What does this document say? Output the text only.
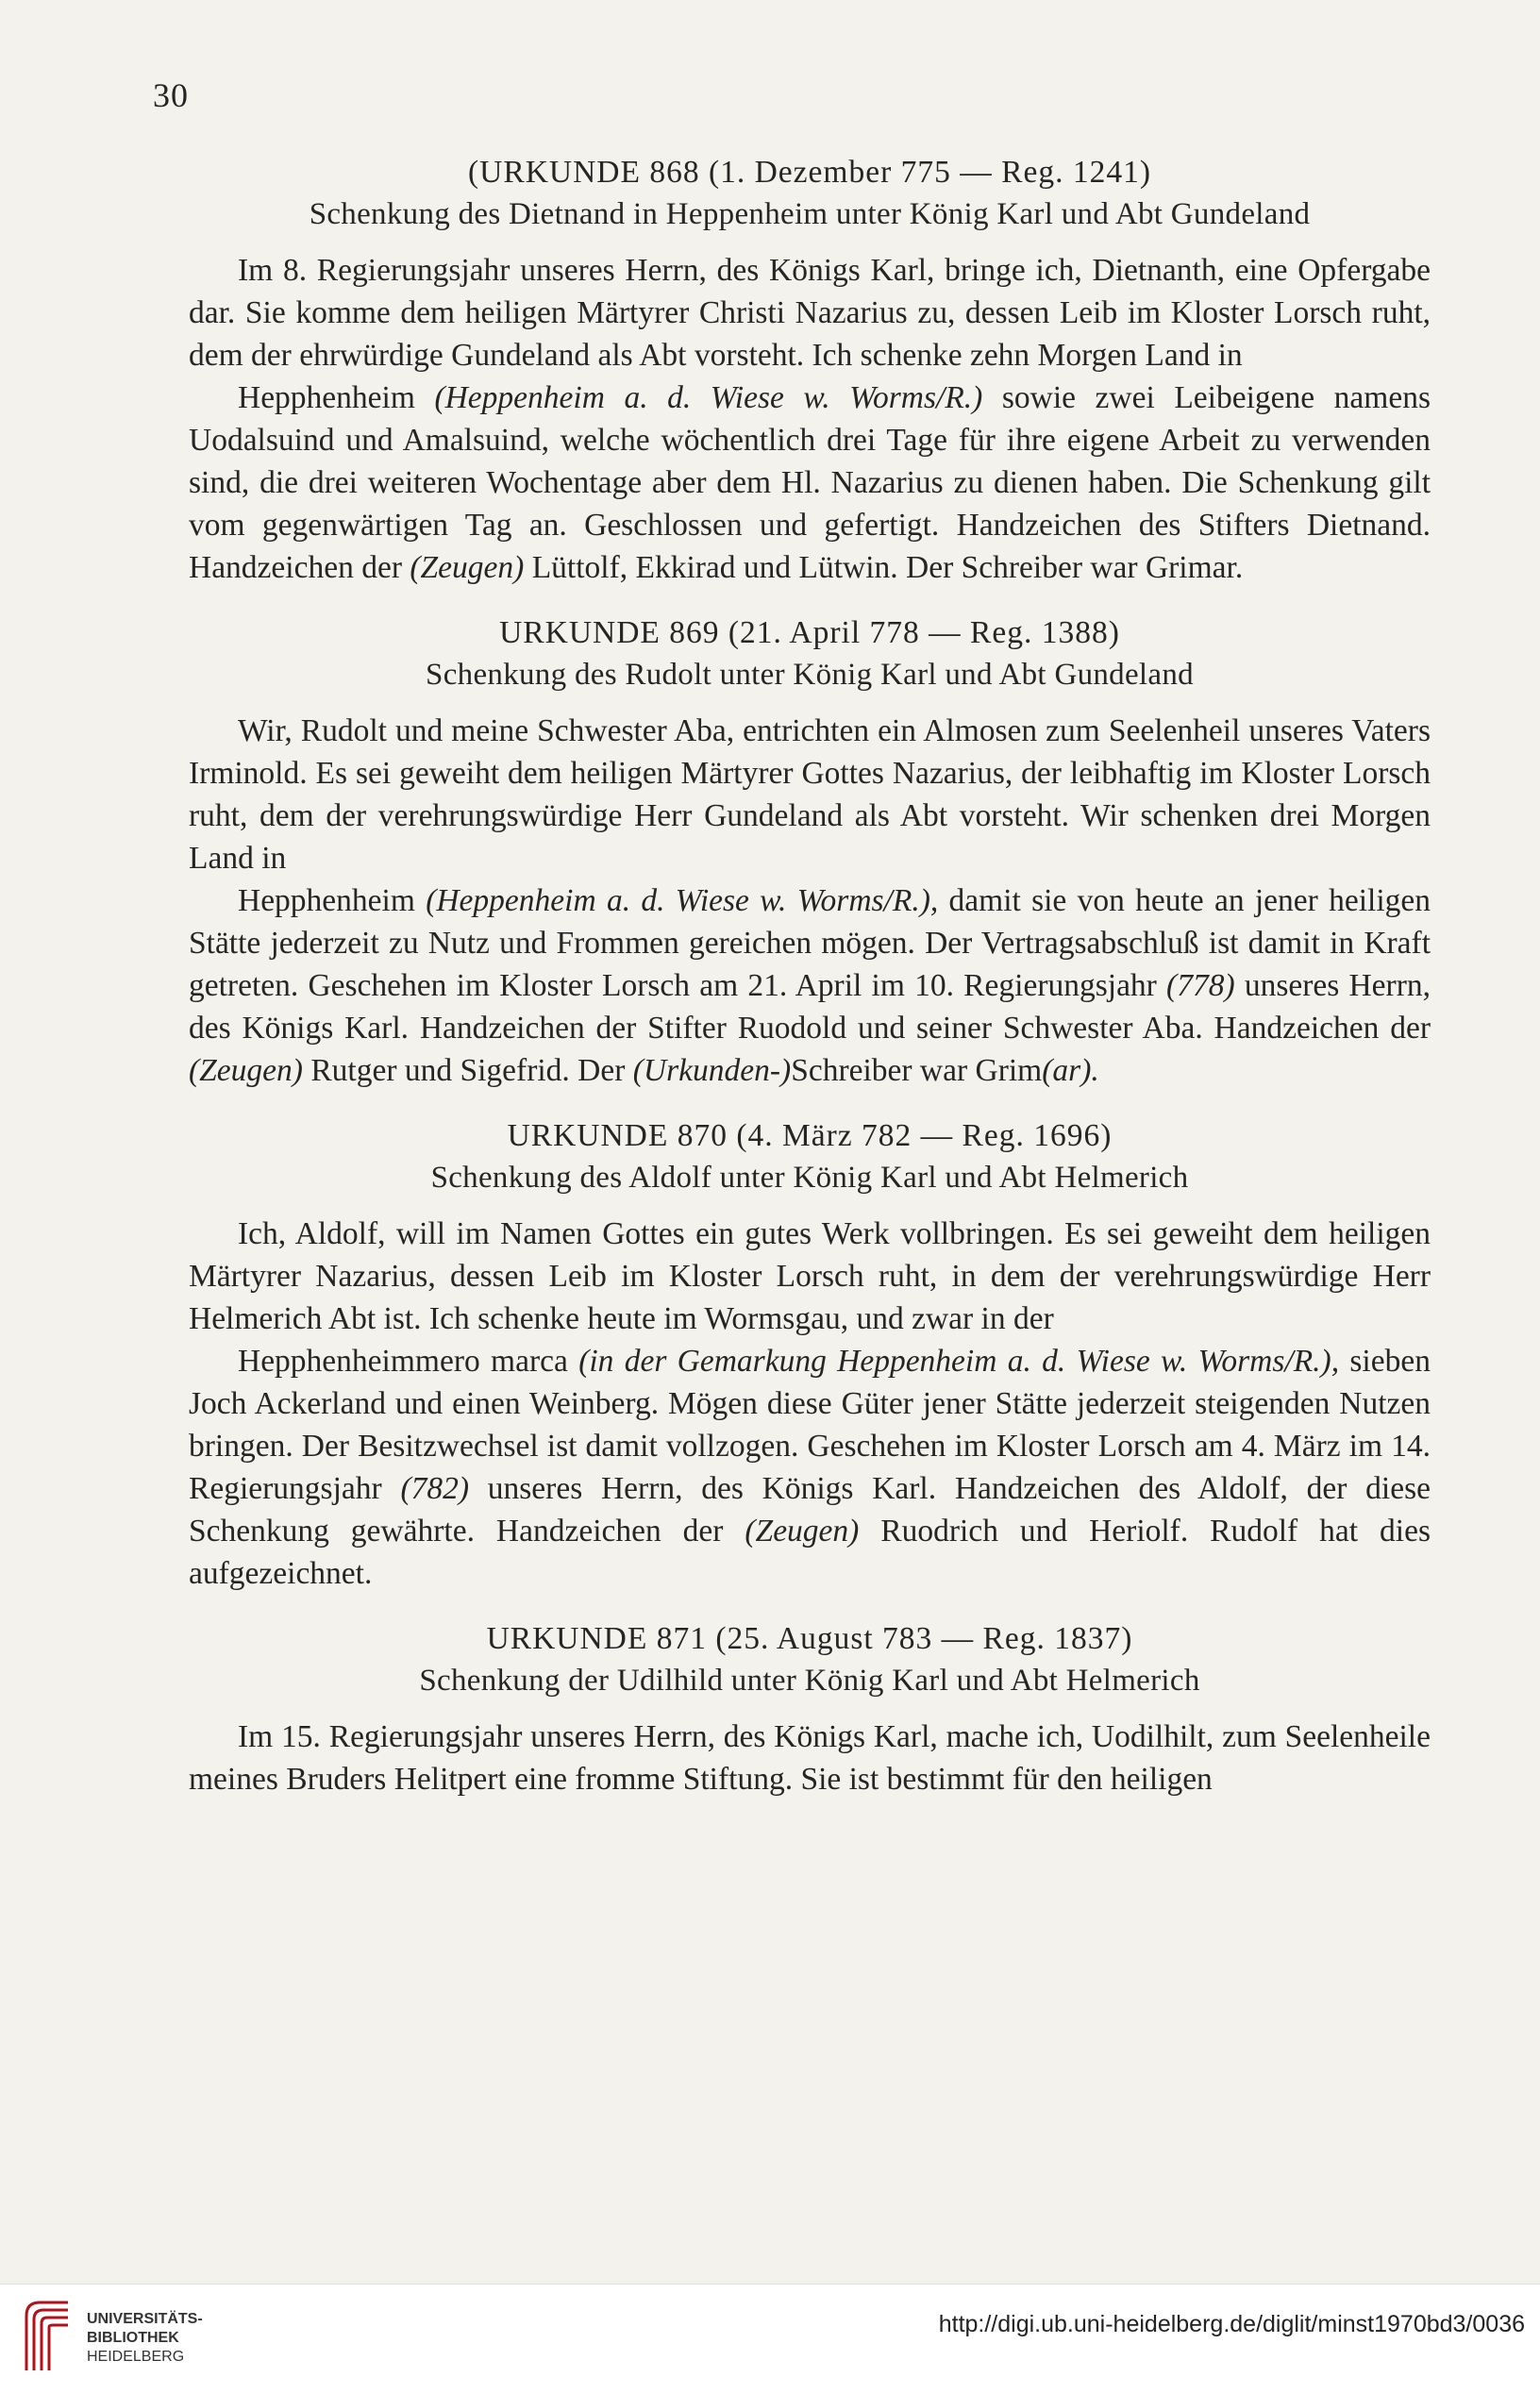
30

(URKUNDE 868 (1. Dezember 775 — Reg. 1241)

Schenkung des Dietnand in Heppenheim unter König Karl und Abt Gundeland

Im 8. Regierungsjahr unseres Herrn, des Königs Karl, bringe ich, Dietnanth, eine Opfergabe dar. Sie komme dem heiligen Märtyrer Christi Nazarius zu, dessen Leib im Kloster Lorsch ruht, dem der ehrwürdige Gundeland als Abt vorsteht. Ich schenke zehn Morgen Land in

Hepphenheim (Heppenheim a. d. Wiese w. Worms/R.) sowie zwei Leibeigene namens Uodalsuind und Amalsuind, welche wöchentlich drei Tage für ihre eigene Arbeit zu verwenden sind, die drei weiteren Wochentage aber dem Hl. Nazarius zu dienen haben. Die Schenkung gilt vom gegenwärtigen Tag an. Geschlossen und gefertigt. Handzeichen des Stifters Dietnand. Handzeichen der (Zeugen) Lüttolf, Ekkirad und Lütwin. Der Schreiber war Grimar.

URKUNDE 869 (21. April 778 — Reg. 1388)

Schenkung des Rudolt unter König Karl und Abt Gundeland

Wir, Rudolt und meine Schwester Aba, entrichten ein Almosen zum Seelenheil unseres Vaters Irminold. Es sei geweiht dem heiligen Märtyrer Gottes Nazarius, der leibhaftig im Kloster Lorsch ruht, dem der verehrungswürdige Herr Gundeland als Abt vorsteht. Wir schenken drei Morgen Land in

Hepphenheim (Heppenheim a. d. Wiese w. Worms/R.), damit sie von heute an jener heiligen Stätte jederzeit zu Nutz und Frommen gereichen mögen. Der Vertragsabschluß ist damit in Kraft getreten. Geschehen im Kloster Lorsch am 21. April im 10. Regierungsjahr (778) unseres Herrn, des Königs Karl. Handzeichen der Stifter Ruodold und seiner Schwester Aba. Handzeichen der (Zeugen) Rutger und Sigefrid. Der (Urkunden-)Schreiber war Grim(ar).

URKUNDE 870 (4. März 782 — Reg. 1696)

Schenkung des Aldolf unter König Karl und Abt Helmerich

Ich, Aldolf, will im Namen Gottes ein gutes Werk vollbringen. Es sei geweiht dem heiligen Märtyrer Nazarius, dessen Leib im Kloster Lorsch ruht, in dem der verehrungswürdige Herr Helmerich Abt ist. Ich schenke heute im Wormsgau, und zwar in der

Hepphenheimmero marca (in der Gemarkung Heppenheim a. d. Wiese w. Worms/R.), sieben Joch Ackerland und einen Weinberg. Mögen diese Güter jener Stätte jederzeit steigenden Nutzen bringen. Der Besitzwechsel ist damit vollzogen. Geschehen im Kloster Lorsch am 4. März im 14. Regierungsjahr (782) unseres Herrn, des Königs Karl. Handzeichen des Aldolf, der diese Schenkung gewährte. Handzeichen der (Zeugen) Ruodrich und Heriolf. Rudolf hat dies aufgezeichnet.

URKUNDE 871 (25. August 783 — Reg. 1837)

Schenkung der Udilhild unter König Karl und Abt Helmerich

Im 15. Regierungsjahr unseres Herrn, des Königs Karl, mache ich, Uodilhilt, zum Seelenheile meines Bruders Helitpert eine fromme Stiftung. Sie ist bestimmt für den heiligen

UNIVERSITÄTS-
BIBLIOTHEK
HEIDELBERG
http://digi.ub.uni-heidelberg.de/diglit/minst1970bd3/0036
